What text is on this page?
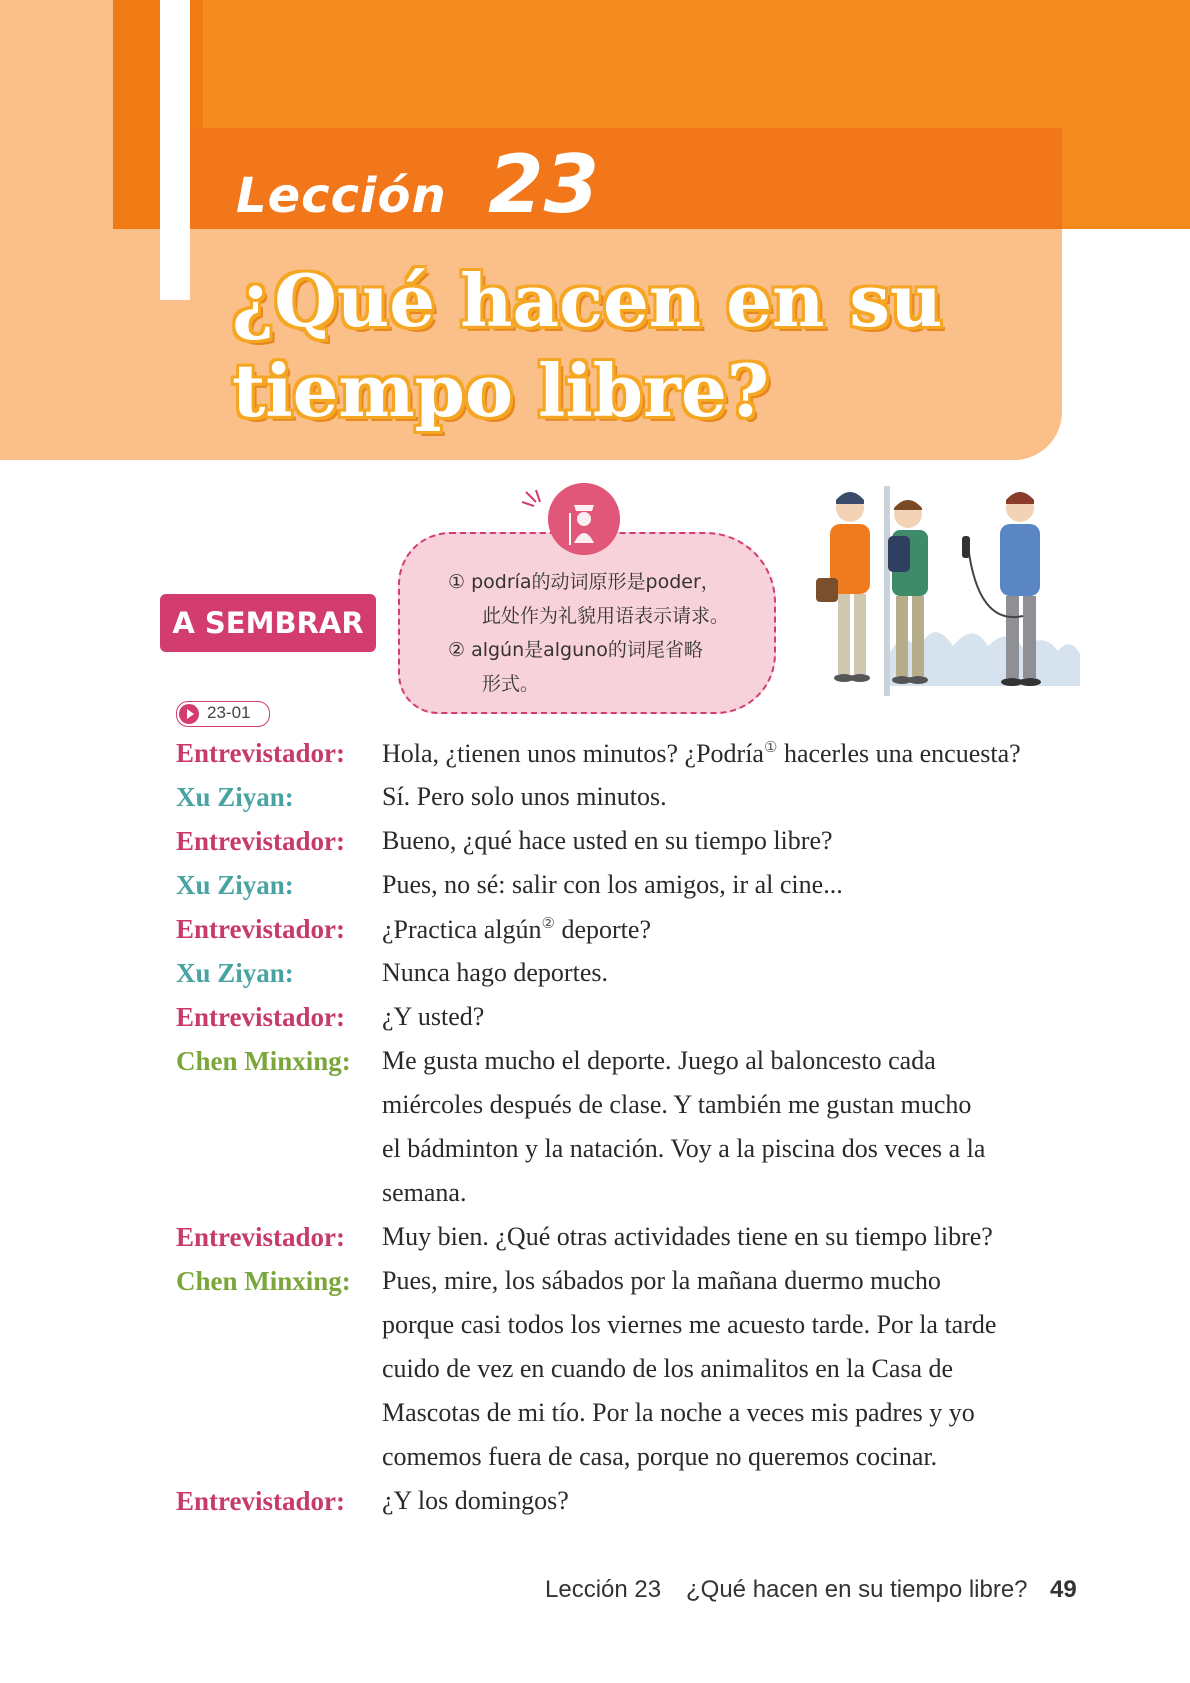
Lección 23
¿Qué hacen en su
tiempo libre?
A SEMBRAR
① podría的动词原形是poder，
此处作为礼貌用语表示请求。
② algún是alguno的词尾省略
形式。
23-01
Entrevistador: Hola, ¿tienen unos minutos? ¿Podría① hacerles una encuesta?
Xu Ziyan:	Sí. Pero solo unos minutos.
Entrevistador: Bueno, ¿qué hace usted en su tiempo libre?
Xu Ziyan:	Pues, no sé: salir con los amigos, ir al cine...
Entrevistador: ¿Practica algún② deporte?
Xu Ziyan:	Nunca hago deportes.
Entrevistador: ¿Y usted?
Chen Minxing: Me gusta mucho el deporte. Juego al baloncesto cada
miércoles después de clase. Y también me gustan mucho
el bádminton y la natación. Voy a la piscina dos veces a la
semana.
Entrevistador: Muy bien. ¿Qué otras actividades tiene en su tiempo libre?
Chen Minxing: Pues, mire, los sábados por la mañana duermo mucho
porque casi todos los viernes me acuesto tarde. Por la tarde
cuido de vez en cuando de los animalitos en la Casa de
Mascotas de mi tío. Por la noche a veces mis padres y yo
comemos fuera de casa, porque no queremos cocinar.
Entrevistador: ¿Y los domingos?
Lección 23 ¿Qué hacen en su tiempo libre? 49
